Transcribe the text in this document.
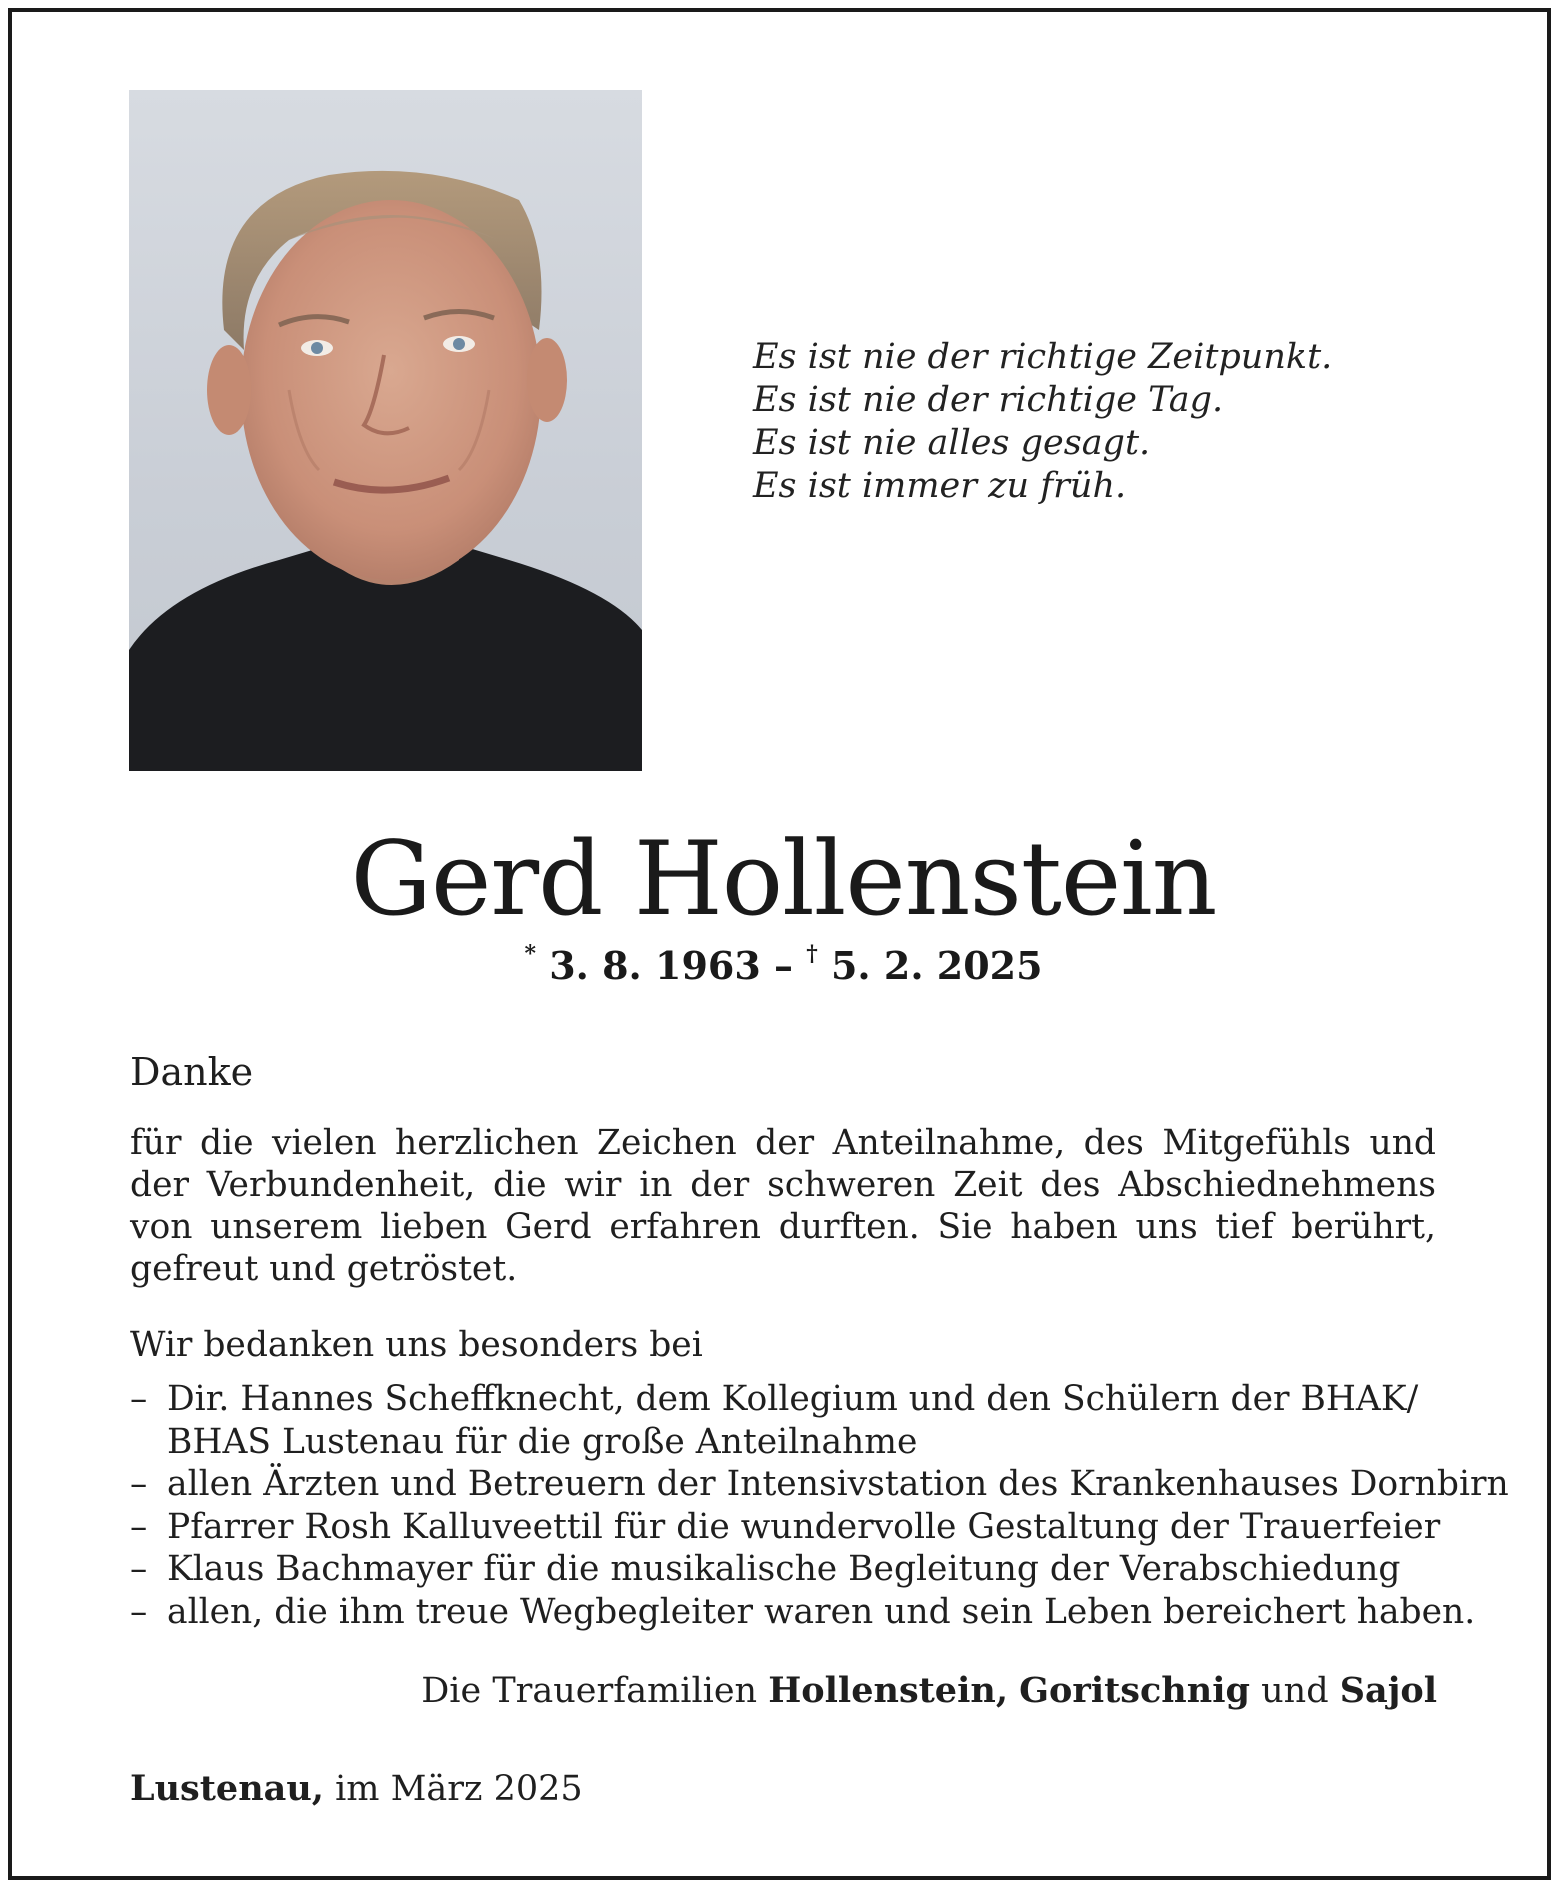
Es ist nie der richtige Zeitpunkt.
Es ist nie der richtige Tag.
Es ist nie alles gesagt.
Es ist immer zu früh.
Gerd Hollenstein
* 3. 8. 1963 – † 5. 2. 2025
Danke
für die vielen herzlichen Zeichen der Anteilnahme, des Mitgefühls und der Verbundenheit, die wir in der schweren Zeit des Abschiednehmens von unserem lieben Gerd erfahren durften. Sie haben uns tief berührt, gefreut und getröstet.
Wir bedanken uns besonders bei
– Dir. Hannes Scheffknecht, dem Kollegium und den Schülern der BHAK/
BHAS Lustenau für die große Anteilnahme
– allen Ärzten und Betreuern der Intensivstation des Krankenhauses Dornbirn
– Pfarrer Rosh Kalluveettil für die wundervolle Gestaltung der Trauerfeier
– Klaus Bachmayer für die musikalische Begleitung der Verabschiedung
– allen, die ihm treue Wegbegleiter waren und sein Leben bereichert haben.
Die Trauerfamilien Hollenstein, Goritschnig und Sajol
Lustenau, im März 2025
